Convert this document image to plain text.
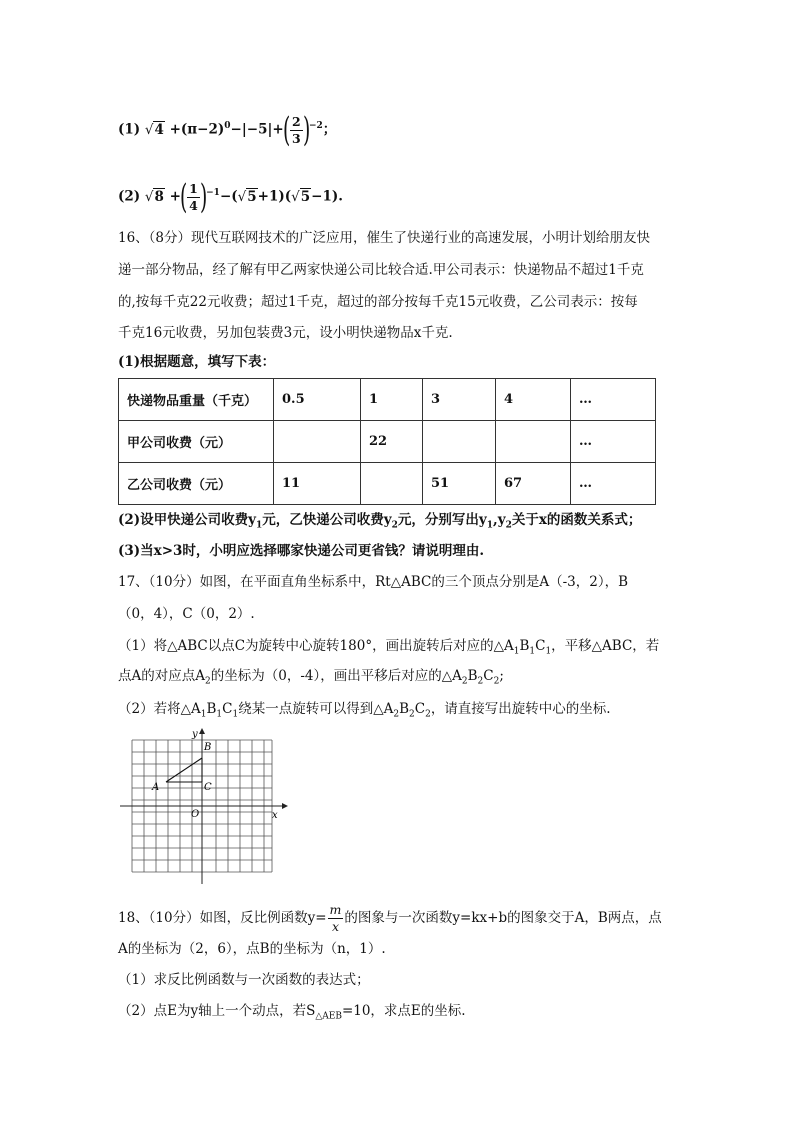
(1) $√4 +(\pi-2)^0-|-5|+( \frac{2}{3} )^{-2}$；
(2) √8 +( $\frac{1}{4} )^{-1}-(√5+1)(√5-1)$.
16、（8分）现代互联网技术的广泛应用，催生了快递行业的高速发展，小明计划给朋友快
递一部分物品，经了解有甲乙两家快递公司比较合适.甲公司表示：快递物品不超过1千克
的,按每千克22元收费；超过1千克，超过的部分按每千克15元收费，乙公司表示：按每
千克16元收费，另加包装费3元，设小明快递物品x千克.
(1)根据题意，填写下表：
快递物品重量（千克）	0.5	1	3	4	…
甲公司收费（元）		22			…
乙公司收费（元）	11		51	67	…
(2)设甲快递公司收费$y_1$元，乙快递公司收费$y_2$元，分别写出$y_1,y_2$关于x的函数关系式；
(3)当x>3时，小明应选择哪家快递公司更省钱？请说明理由.
17、（10分）如图，在平面直角坐标系中，Rt△ABC的三个顶点分别是A（-3，2），B
（0，4），C（0，2）.
（1）将△ABC以点C为旋转中心旋转180°，画出旋转后对应的$\triangle A_1B_1C_1$，平移△ABC，若
点A的对应点$A_2$的坐标为（0，-4），画出平移后对应的$\triangle A_2B_2C_2$;
（2）若将$\triangle A_1B_1C_1$绕某一点旋转可以得到$\triangle A_2B_2C_2$，请直接写出旋转中心的坐标.
y
x
B
A	C
O
18、（10分）如图，反比例函数$y= \frac{m}{x}$ 的图象与一次函数y=kx+b的图象交于A，B两点，点
A的坐标为（2，6），点B的坐标为（n，1）.
（1）求反比例函数与一次函数的表达式；
（2）点E为y轴上一个动点，若$S_{\triangle AEB}=10$，求点E的坐标.
